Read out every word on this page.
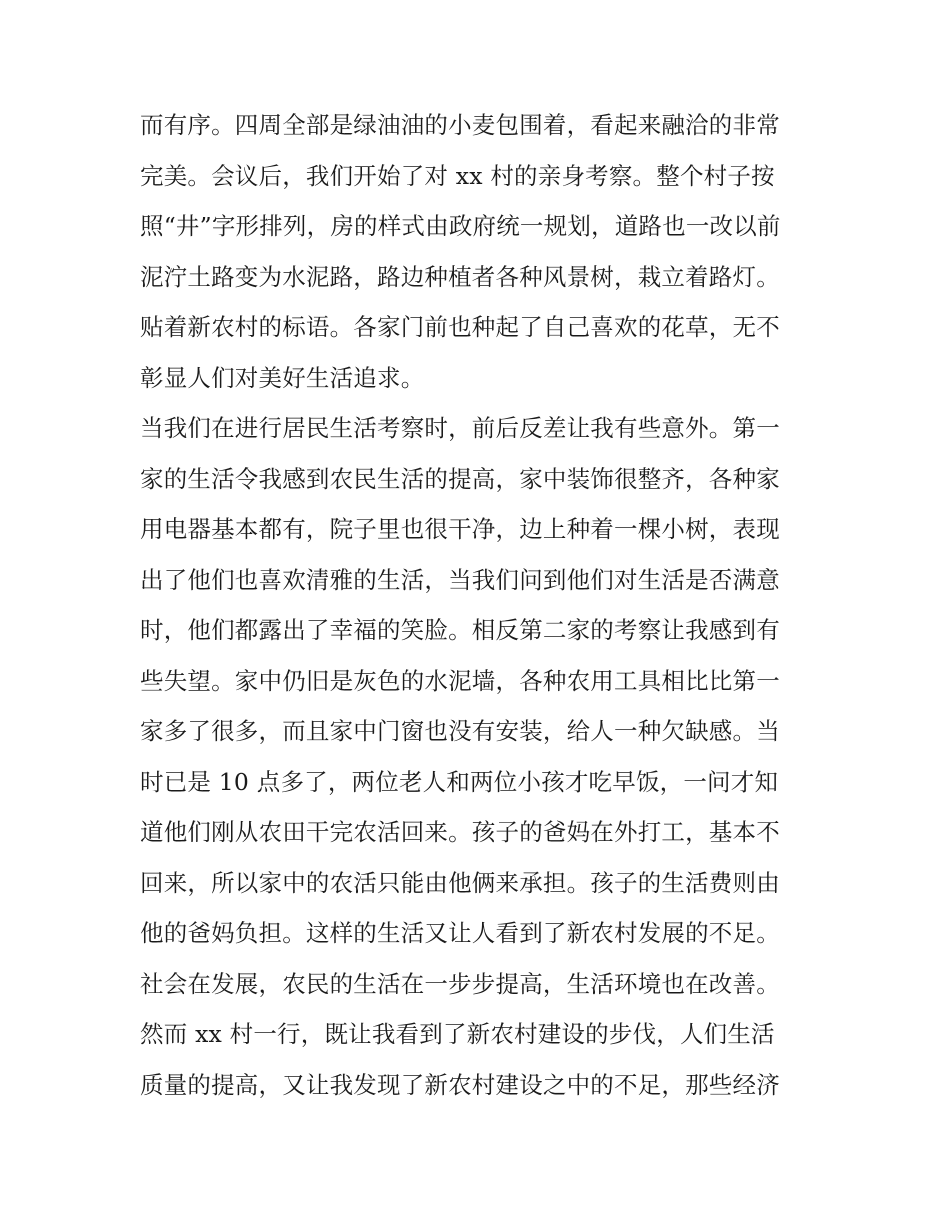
而有序。四周全部是绿油油的小麦包围着，看起来融洽的非常
完美。会议后，我们开始了对 xx 村的亲身考察。整个村子按
照“井”字形排列，房的样式由政府统一规划，道路也一改以前
泥泞土路变为水泥路，路边种植者各种风景树，栽立着路灯。
贴着新农村的标语。各家门前也种起了自己喜欢的花草，无不
彰显人们对美好生活追求。
当我们在进行居民生活考察时，前后反差让我有些意外。第一
家的生活令我感到农民生活的提高，家中装饰很整齐，各种家
用电器基本都有，院子里也很干净，边上种着一棵小树，表现
出了他们也喜欢清雅的生活，当我们问到他们对生活是否满意
时，他们都露出了幸福的笑脸。相反第二家的考察让我感到有
些失望。家中仍旧是灰色的水泥墙，各种农用工具相比比第一
家多了很多，而且家中门窗也没有安装，给人一种欠缺感。当
时已是 10 点多了，两位老人和两位小孩才吃早饭，一问才知
道他们刚从农田干完农活回来。孩子的爸妈在外打工，基本不
回来，所以家中的农活只能由他俩来承担。孩子的生活费则由
他的爸妈负担。这样的生活又让人看到了新农村发展的不足。
社会在发展，农民的生活在一步步提高，生活环境也在改善。
然而 xx 村一行，既让我看到了新农村建设的步伐，人们生活
质量的提高，又让我发现了新农村建设之中的不足，那些经济
